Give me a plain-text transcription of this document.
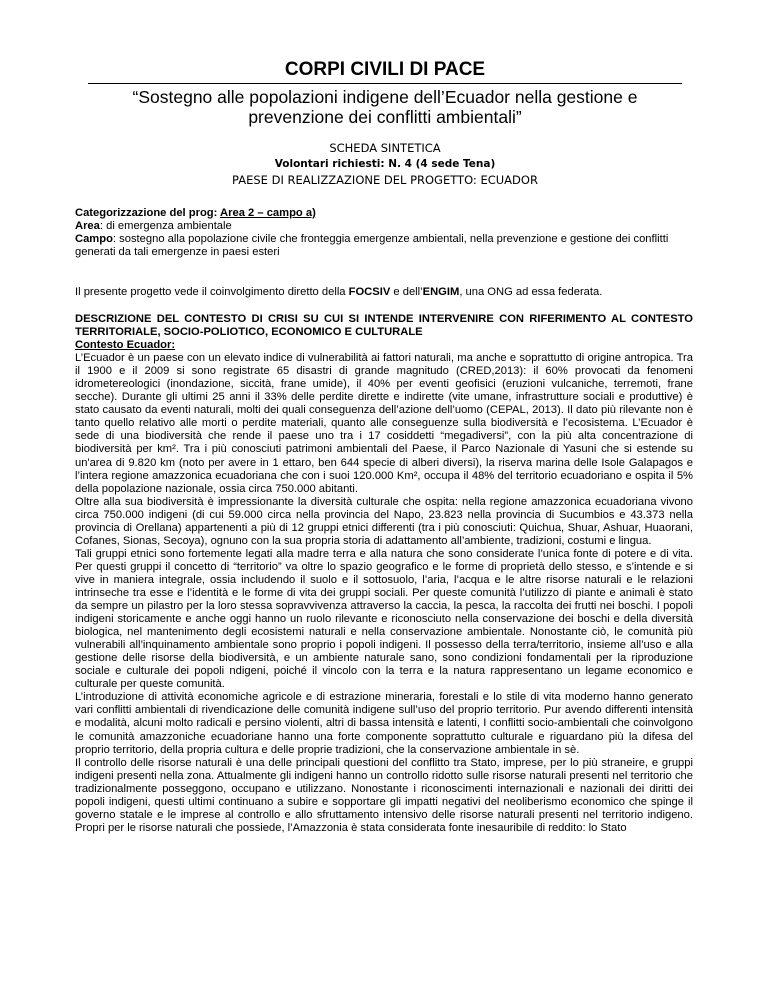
CORPI CIVILI DI PACE
“Sostegno alle popolazioni indigene dell’Ecuador nella gestione e prevenzione dei conflitti ambientali”
SCHEDA SINTETICA
Volontari richiesti: N. 4 (4 sede Tena)
PAESE DI REALIZZAZIONE DEL PROGETTO: ECUADOR

Categorizzazione del prog: Area 2 – campo a)

Area: di emergenza ambientale

Campo: sostegno alla popolazione civile che fronteggia emergenze ambientali, nella prevenzione e gestione dei conflitti generati da tali emergenze in paesi esteri

Il presente progetto vede il coinvolgimento diretto della FOCSIV e dell’ENGIM, una ONG ad essa federata.

DESCRIZIONE DEL CONTESTO DI CRISI SU CUI SI INTENDE INTERVENIRE CON RIFERIMENTO AL CONTESTO TERRITORIALE, SOCIO-POLIOTICO, ECONOMICO E CULTURALE

Contesto Ecuador:

L’Ecuador è un paese con un elevato indice di vulnerabilità ai fattori naturali, ma anche e soprattutto di origine antropica. Tra il 1900 e il 2009 si sono registrate 65 disastri di grande magnitudo (CRED,2013): il 60% provocati da fenomeni idrometereologici (inondazione, siccità, frane umide), il 40% per eventi geofisici (eruzioni vulcaniche, terremoti, frane secche). Durante gli ultimi 25 anni il 33% delle perdite dirette e indirette (vite umane, infrastrutture sociali e produttive) è stato causato da eventi naturali, molti dei quali conseguenza dell’azione dell’uomo (CEPAL, 2013). Il dato più rilevante non è tanto quello relativo alle morti o perdite materiali, quanto alle conseguenze sulla biodiversità e l’ecosistema. L’Ecuador è sede di una biodiversità che rende il paese uno tra i 17 cosiddetti “megadiversi”, con la più alta concentrazione di biodiversità per km². Tra i più conosciuti patrimoni ambientali del Paese, il Parco Nazionale di Yasuni che si estende su un'area di 9.820 km (noto per avere in 1 ettaro, ben 644 specie di alberi diversi), la riserva marina delle Isole Galapagos e l’intera regione amazzonica ecuadoriana che con i suoi 120.000 Km², occupa il 48% del territorio ecuadoriano e ospita il 5% della popolazione nazionale, ossia circa 750.000 abitanti.

Oltre alla sua biodiversità è impressionante la diversità culturale che ospita: nella regione amazzonica ecuadoriana vivono circa 750.000 indigeni (di cui 59.000 circa nella provincia del Napo, 23.823 nella provincia di Sucumbios e 43.373 nella provincia di Orellana) appartenenti a più di 12 gruppi etnici differenti (tra i più conosciuti: Quichua, Shuar, Ashuar, Huaorani, Cofanes, Sionas, Secoya), ognuno con la sua propria storia di adattamento all’ambiente, tradizioni, costumi e lingua.

Tali gruppi etnici sono fortemente legati alla madre terra e alla natura che sono considerate l’unica fonte di potere e di vita. Per questi gruppi il concetto di “territorio” va oltre lo spazio geografico e le forme di proprietà dello stesso, e s’intende e si vive in maniera integrale, ossia includendo il suolo e il sottosuolo, l’aria, l’acqua e le altre risorse naturali e le relazioni intrinseche tra esse e l’identità e le forme di vita dei gruppi sociali. Per queste comunità l’utilizzo di piante e animali è stato da sempre un pilastro per la loro stessa sopravvivenza attraverso la caccia, la pesca, la raccolta dei frutti nei boschi. I popoli indigeni storicamente e anche oggi hanno un ruolo rilevante e riconosciuto nella conservazione dei boschi e della diversità biologica, nel mantenimento degli ecosistemi naturali e nella conservazione ambientale. Nonostante ciò, le comunità più vulnerabili all’inquinamento ambientale sono proprio i popoli indigeni. Il possesso della terra/territorio, insieme all’uso e alla gestione delle risorse della biodiversità, e un ambiente naturale sano, sono condizioni fondamentali per la riproduzione sociale e culturale dei popoli ndigeni, poiché il vincolo con la terra e la natura rappresentano un legame economico e culturale per queste comunità.

L’introduzione di attività economiche agricole e di estrazione mineraria, forestali e lo stile di vita moderno hanno generato vari conflitti ambientali di rivendicazione delle comunità indigene sull’uso del proprio territorio. Pur avendo differenti intensità e modalità, alcuni molto radicali e persino violenti, altri di bassa intensità e latenti, I conflitti socio-ambientali che coinvolgono le comunità amazzoniche ecuadoriane hanno una forte componente soprattutto culturale e riguardano più la difesa del proprio territorio, della propria cultura e delle proprie tradizioni, che la conservazione ambientale in sè.

Il controllo delle risorse naturali è una delle principali questioni del conflitto tra Stato, imprese, per lo più straneire, e gruppi indigeni presenti nella zona. Attualmente gli indigeni hanno un controllo ridotto sulle risorse naturali presenti nel territorio che tradizionalmente posseggono, occupano e utilizzano. Nonostante i riconoscimenti internazionali e nazionali dei diritti dei popoli indigeni, questi ultimi continuano a subire e sopportare gli impatti negativi del neoliberismo economico che spinge il governo statale e le imprese al controllo e allo sfruttamento intensivo delle risorse naturali presenti nel territorio indigeno. Propri per le risorse naturali che possiede, l’Amazzonia è stata considerata fonte inesauribile di reddito: lo Stato
